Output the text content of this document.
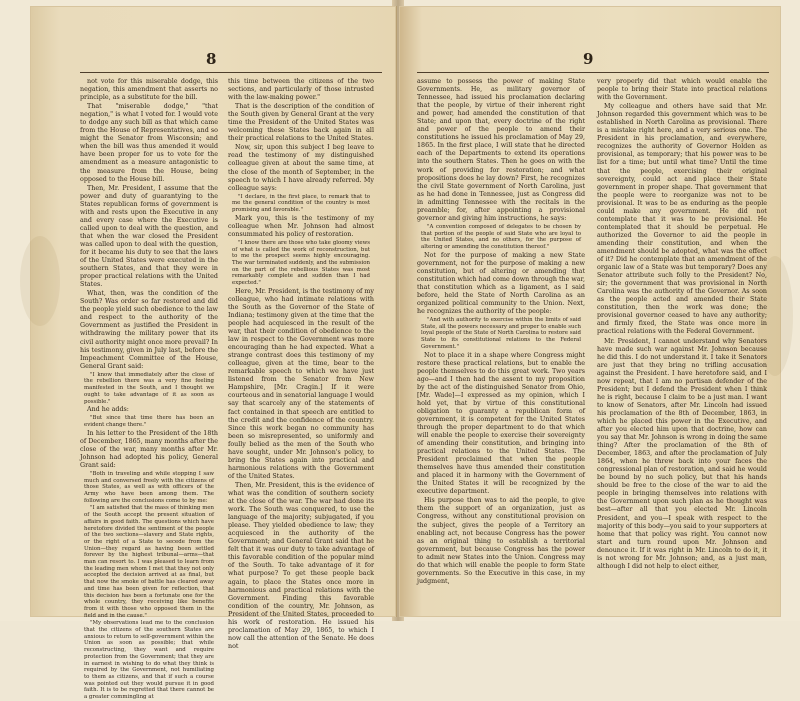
8

not vote for this miserable dodge, this negation, this amendment that asserts no principle, as a substitute for the bill.

That "miserable dodge," "that negation," is what I voted for. I would vote to dodge any such bill as that which came from the House of Representatives, and so might the Senator from Wisconsin; and when the bill was thus amended it would have been proper for us to vote for the amendment as a measure antagonistic to the measure from the House, being opposed to the House bill.

Then, Mr. President, I assume that the power and duty of guarantying to the States republican forms of government is with and rests upon the Executive in any and every case where the Executive is called upon to deal with the question, and that when the war closed the President was called upon to deal with the question, for it became his duty to see that the laws of the United States were executed in the southern States, and that they were in proper practical relations with the United States.

What, then, was the condition of the South? Was order so far restored and did the people yield such obedience to the law and respect to the authority of the Government as justified the President in withdrawing the military power that its civil authority might once more prevail? In his testimony, given in July last, before the Impeachment Committee of the House, General Grant said:

"I know that immediately after the close of the rebellion there was a very fine feeling manifested in the South, and I thought we ought to take advantage of it as soon as possible."

And he adds:

"But since that time there has been an evident change there."

In his letter to the President of the 18th of December, 1865, many months after the close of the war, many months after Mr. Johnson had adopted his policy, General Grant said:

"Both in traveling and while stopping I saw much and conversed freely with the citizens of those States, as well as with officers of the Army who have been among them. The following are the conclusions come to by me:

"I am satisfied that the mass of thinking men of the South accept the present situation of affairs in good faith. The questions which have heretofore divided the sentiment of the people of the two sections—slavery and State rights, or the right of a State to secede from the Union—they regard as having been settled forever by the highest tribunal—arms—that man can resort to. I was pleased to learn from the leading men whom I met that they not only accepted the decision arrived at as final, but that now the smoke of battle has cleared away and time has been given for reflection, that this decision has been a fortunate one for the whole country, they receiving like benefits from it with those who opposed them in the field and in the cause."

"My observations lead me to the conclusion that the citizens of the southern States are anxious to return to self-government within the Union as soon as possible; that while reconstructing, they want and require protection from the Government; that they are in earnest in wishing to do what they think is required by the Government, not humiliating to them as citizens, and that if such a course was pointed out they would pursue it in good faith. It is to be regretted that there cannot be a greater commingling at

this time between the citizens of the two sections, and particularly of those intrusted with the law-making power."

That is the description of the condition of the South given by General Grant at the very time the President of the United States was welcoming these States back again in all their practical relations to the United States.

Now, sir, upon this subject I beg leave to read the testimony of my distinguished colleague given at about the same time, at the close of the month of September, in the speech to which I have already referred. My colleague says:

"I declare, in the first place, to remark that to me the general condition of the country is most promising and favorable."

Mark you, this is the testimony of my colleague when Mr. Johnson had almost consummated his policy of restoration.

"I know there are those who take gloomy views of what is called the work of reconstruction, but to me the prospect seems highly encouraging. The war terminated suddenly, and the submission on the part of the rebellious States was most remarkably complete and sudden than I had expected."

Here, Mr. President, is the testimony of my colleague, who had intimate relations with the South as the Governor of the State of Indiana; testimony given at the time that the people had acquiesced in the result of the war, that their condition of obedience to the law in respect to the Government was more encouraging than he had expected. What a strange contrast does this testimony of my colleague, given at the time, bear to the remarkable speech to which we have just listened from the Senator from New Hampshire, [Mr. Cragin.] If it were courteous and in senatorial language I would say that scarcely any of the statements of fact contained in that speech are entitled to the credit and the confidence of the country. Since this work began no community has been so misrepresented, so uniformly and foully belied as the men of the South who have sought, under Mr. Johnson's policy, to bring the States again into practical and harmonious relations with the Government of the United States.

Then, Mr. President, this is the evidence of what was the condition of southern society at the close of the war. The war had done its work. The South was conquered, to use the language of the majority; subjugated, if you please. They yielded obedience to law; they acquiesced in the authority of the Government; and General Grant said that he felt that it was our duty to take advantage of this favorable condition of the popular mind of the South. To take advantage of it for what purpose? To get these people back again, to place the States once more in harmonious and practical relations with the Government. Finding this favorable condition of the country, Mr. Johnson, as President of the United States, proceeded to his work of restoration. He issued his proclamation of May 29, 1865, to which I now call the attention of the Senate. He does not

9

assume to possess the power of making State Governments. He, as military governor of Tennessee, had issued his proclamation declaring that the people, by virtue of their inherent right and power, had amended the constitution of that State; and upon that, every doctrine of the right and power of the people to amend their constitutions he issued his proclamation of May 29, 1865. In the first place, I will state that he directed each of the Departments to extend its operations into the southern States. Then he goes on with the work of providing for restoration; and what propositions does he lay down? First, he recognizes the civil State government of North Carolina, just as he had done in Tennessee, just as Congress did in admitting Tennessee with the recitals in the preamble; for, after appointing a provisional governor and giving him instructions, he says:

"A convention composed of delegates to be chosen by that portion of the people of said State who are loyal to the United States, and no others, for the purpose of altering or amending the constitution thereof."

Not for the purpose of making a new State government, not for the purpose of making a new constitution, but of altering or amending that constitution which had come down through the war, that constitution which as a ligament, as I said before, held the State of North Carolina as an organized political community to the Union. Next, he recognizes the authority of the people:

"And with authority to exercise within the limits of said State, all the powers necessary and proper to enable such loyal people of the State of North Carolina to restore said State to its constitutional relations to the Federal Government."

Not to place it in a shape where Congress might restore these practical relations, but to enable the people themselves to do this great work. Two years ago—and I then had the assent to my proposition by the act of the distinguished Senator from Ohio, [Mr. Wade]—I expressed as my opinion, which I hold yet, that by virtue of this constitutional obligation to guaranty a republican form of government, it is competent for the United States through the proper department to do that which will enable the people to exercise their sovereignty of amending their constitution, and bringing into practical relations to the United States. The President proclaimed that when the people themselves have thus amended their constitution and placed it in harmony with the Government of the United States it will be recognized by the executive department.

His purpose then was to aid the people, to give them the support of an organization, just as Congress, without any constitutional provision on the subject, gives the people of a Territory an enabling act, not because Congress has the power as an original thing to establish a territorial government, but because Congress has the power to admit new States into the Union. Congress may do that which will enable the people to form State governments. So the Executive in this case, in my judgment,

very properly did that which would enable the people to bring their State into practical relations with the Government.

My colleague and others have said that Mr. Johnson regarded this government which was to be established in North Carolina as provisional. There is a mistake right here, and a very serious one. The President in his proclamation, and everywhere, recognizes the authority of Governor Holden as provisional, as temporary; that his power was to be list for a time; but until what time? Until the time that the people, exercising their original sovereignty, could act and place their State government in proper shape. That government that the people were to reorganize was not to be provisional. It was to be as enduring as the people could make any government. He did not contemplate that it was to be provisional. He contemplated that it should be perpetual. He authorized the Governor to aid the people in amending their constitution, and when the amendment should be adopted, what was the effect of it? Did he contemplate that an amendment of the organic law of a State was but temporary? Does any Senator attribute such folly to the President? No, sir; the government that was provisional in North Carolina was the authority of the Governor. As soon as the people acted and amended their State constitution, then the work was done; the provisional governor ceased to have any authority; and firmly fixed, the State was once more in practical relations with the Federal Government.

Mr. President, I cannot understand why Senators have made such war against Mr. Johnson because he did this. I do not understand it. I take it Senators are just that they bring no trifling accusation against the President. I have heretofore said, and I now repeat, that I am no partisan defender of the President; but I defend the President when I think he is right, because I claim to be a just man. I want to know of Senators, after Mr. Lincoln had issued his proclamation of the 8th of December, 1863, in which he placed this power in the Executive, and after you elected him upon that doctrine, how can you say that Mr. Johnson is wrong in doing the same thing? After the proclamation of the 8th of December, 1863, and after the proclamation of July 1864, when he threw back into your faces the congressional plan of restoration, and said he would be bound by no such policy, but that his hands should be free to the close of the war to aid the people in bringing themselves into relations with the Government upon such plan as he thought was best—after all that you elected Mr. Lincoln President, and you—I speak with respect to the majority of this body—you said to your supporters at home that that policy was right. You cannot now start and turn round upon Mr. Johnson and denounce it. If it was right in Mr. Lincoln to do it, it is not wrong for Mr. Johnson; and, as a just man, although I did not help to elect either,
